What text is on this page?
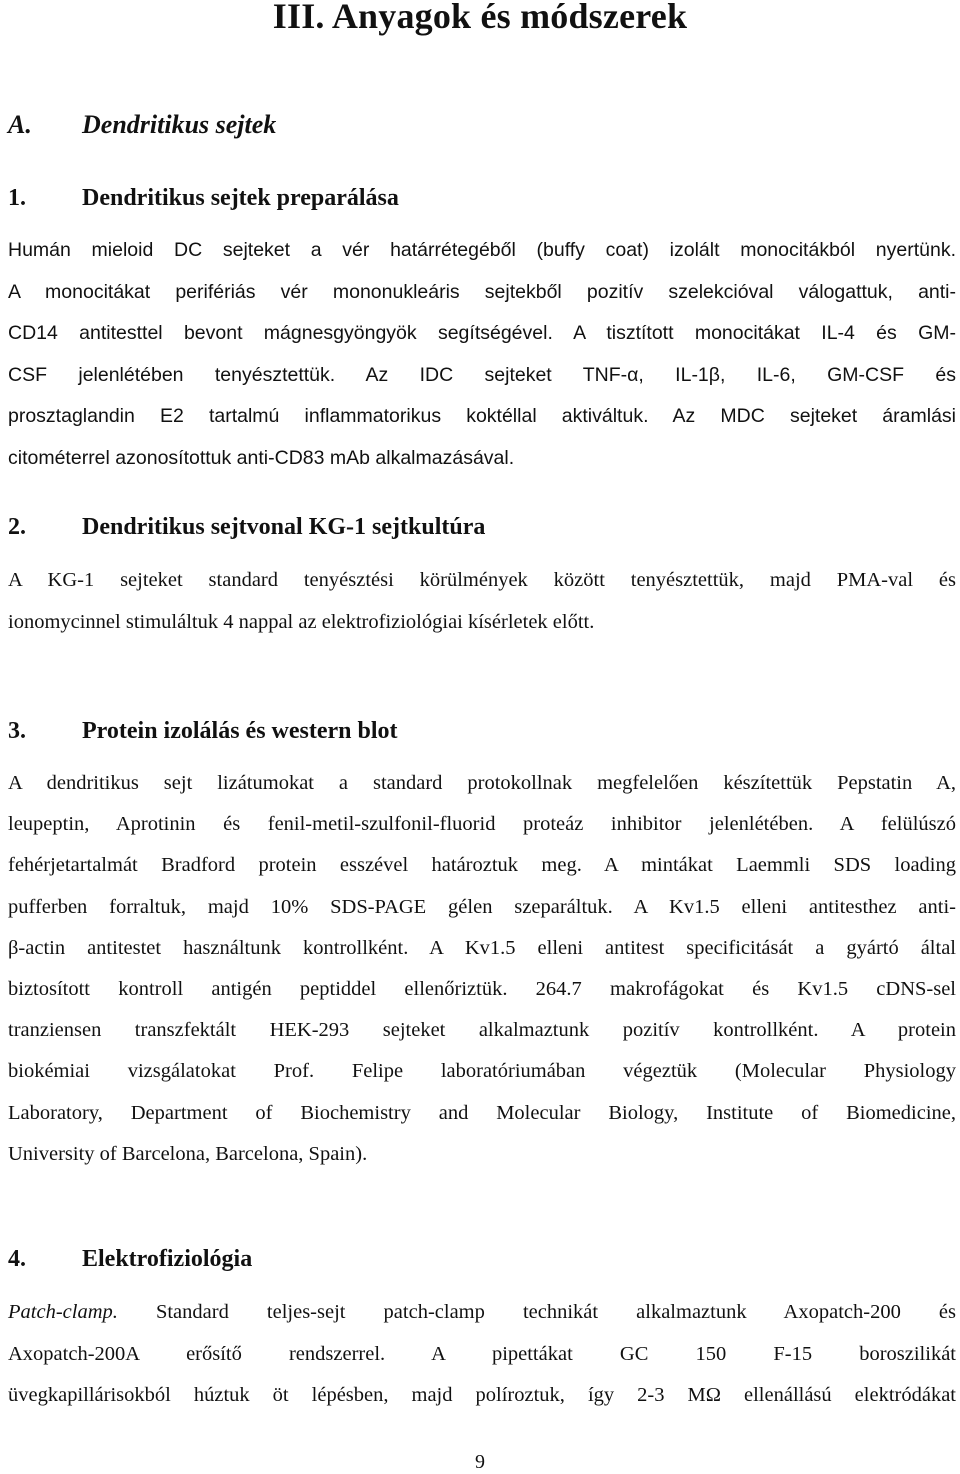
III. Anyagok és módszerek
A. Dendritikus sejtek
1. Dendritikus sejtek preparálása
Humán mieloid DC sejteket a vér határrétegéből (buffy coat) izolált monocitákból nyertünk.
A monocitákat perifériás vér mononukleáris sejtekből pozitív szelekcióval válogattuk, anti-
CD14 antitesttel bevont mágnesgyöngyök segítségével. A tisztított monocitákat IL-4 és GM-
CSF jelenlétében tenyésztettük. Az IDC sejteket TNF-α, IL-1β, IL-6, GM-CSF és
prosztaglandin E2 tartalmú inflammatorikus koktéllal aktiváltuk. Az MDC sejteket áramlási
citométerrel azonosítottuk anti-CD83 mAb alkalmazásával.
2. Dendritikus sejtvonal KG-1 sejtkultúra
A KG-1 sejteket standard tenyésztési körülmények között tenyésztettük, majd PMA-val és
ionomycinnel stimuláltuk 4 nappal az elektrofiziológiai kísérletek előtt.
3. Protein izolálás és western blot
A dendritikus sejt lizátumokat a standard protokollnak megfelelően készítettük Pepstatin A,
leupeptin, Aprotinin és fenil-metil-szulfonil-fluorid proteáz inhibitor jelenlétében. A felülúszó
fehérjetartalmát Bradford protein esszével határoztuk meg. A mintákat Laemmli SDS loading
pufferben forraltuk, majd 10% SDS-PAGE gélen szeparáltuk. A Kv1.5 elleni antitesthez anti-
β-actin antitestet használtunk kontrollként. A Kv1.5 elleni antitest specificitását a gyártó által
biztosított kontroll antigén peptiddel ellenőriztük. 264.7 makrofágokat és Kv1.5 cDNS-sel
tranziensen transzfektált HEK-293 sejteket alkalmaztunk pozitív kontrollként. A protein
biokémiai vizsgálatokat Prof. Felipe laboratóriumában végeztük (Molecular Physiology
Laboratory, Department of Biochemistry and Molecular Biology, Institute of Biomedicine,
University of Barcelona, Barcelona, Spain).
4. Elektrofiziológia
Patch-clamp. Standard teljes-sejt patch-clamp technikát alkalmaztunk Axopatch-200 és
Axopatch-200A erősítő rendszerrel. A pipettákat GC 150 F-15 boroszilikát
üvegkapillárisokból húztuk öt lépésben, majd políroztuk, így 2-3 MΩ ellenállású elektródákat
9
